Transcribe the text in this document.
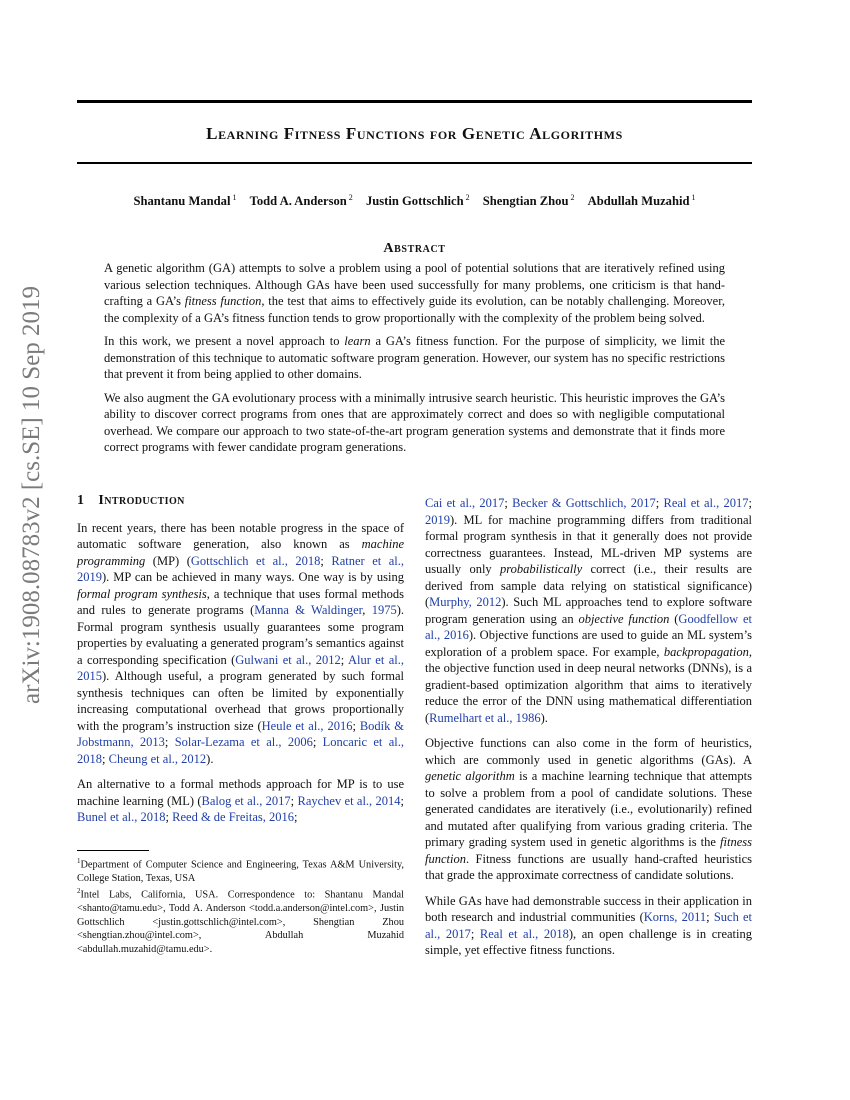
arXiv:1908.08783v2 [cs.SE] 10 Sep 2019
Learning Fitness Functions for Genetic Algorithms
Shantanu Mandal $^1$ Todd A. Anderson $^2$ Justin Gottschlich $^2$ Shengtian Zhou $^2$ Abdullah Muzahid $^1$
Abstract

A genetic algorithm (GA) attempts to solve a problem using a pool of potential solutions that are iteratively refined using various selection techniques. Although GAs have been used successfully for many problems, one criticism is that hand-crafting a GA’s fitness function, the test that aims to effectively guide its evolution, can be notably challenging. Moreover, the complexity of a GA’s fitness function tends to grow proportionally with the complexity of the problem being solved.

In this work, we present a novel approach to learn a GA’s fitness function. For the purpose of simplicity, we limit the demonstration of this technique to automatic software program generation. However, our system has no specific restrictions that prevent it from being applied to other domains.

We also augment the GA evolutionary process with a minimally intrusive search heuristic. This heuristic improves the GA’s ability to discover correct programs from ones that are approximately correct and does so with negligible computational overhead. We compare our approach to two state-of-the-art program generation systems and demonstrate that it finds more correct programs with fewer candidate program generations.

1 Introduction

In recent years, there has been notable progress in the space of automatic software generation, also known as machine programming (MP) (Gottschlich et al., 2018; Ratner et al., 2019). MP can be achieved in many ways. One way is by using formal program synthesis, a technique that uses formal methods and rules to generate programs (Manna & Waldinger, 1975). Formal program synthesis usually guarantees some program properties by evaluating a generated program’s semantics against a corresponding specification (Gulwani et al., 2012; Alur et al., 2015). Although useful, a program generated by such formal synthesis techniques can often be limited by exponentially increasing computational overhead that grows proportionally with the program’s instruction size (Heule et al., 2016; Bodík & Jobstmann, 2013; Solar-Lezama et al., 2006; Loncaric et al., 2018; Cheung et al., 2012).

An alternative to a formal methods approach for MP is to use machine learning (ML) (Balog et al., 2017; Raychev et al., 2014; Bunel et al., 2018; Reed & de Freitas, 2016;

$^1$Department of Computer Science and Engineering, Texas A&M University, College Station, Texas, USA

$^2$Intel Labs, California, USA. Correspondence to: Shantanu Mandal <shanto@tamu.edu>, Todd A. Anderson <todd.a.anderson@intel.com>, Justin Gottschlich <justin.gottschlich@intel.com>, Shengtian Zhou <shengtian.zhou@intel.com>, Abdullah Muzahid <abdullah.muzahid@tamu.edu>.

Cai et al., 2017; Becker & Gottschlich, 2017; Real et al., 2017; 2019). ML for machine programming differs from traditional formal program synthesis in that it generally does not provide correctness guarantees. Instead, ML-driven MP systems are usually only probabilistically correct (i.e., their results are derived from sample data relying on statistical significance) (Murphy, 2012). Such ML approaches tend to explore software program generation using an objective function (Goodfellow et al., 2016). Objective functions are used to guide an ML system’s exploration of a problem space. For example, backpropagation, the objective function used in deep neural networks (DNNs), is a gradient-based optimization algorithm that aims to iteratively reduce the error of the DNN using mathematical differentiation (Rumelhart et al., 1986).

Objective functions can also come in the form of heuristics, which are commonly used in genetic algorithms (GAs). A genetic algorithm is a machine learning technique that attempts to solve a problem from a pool of candidate solutions. These generated candidates are iteratively (i.e., evolutionarily) refined and mutated after qualifying from various grading criteria. The primary grading system used in genetic algorithms is the fitness function. Fitness functions are usually hand-crafted heuristics that grade the approximate correctness of candidate solutions.

While GAs have had demonstrable success in their application in both research and industrial communities (Korns, 2011; Such et al., 2017; Real et al., 2018), an open challenge is in creating simple, yet effective fitness functions.
